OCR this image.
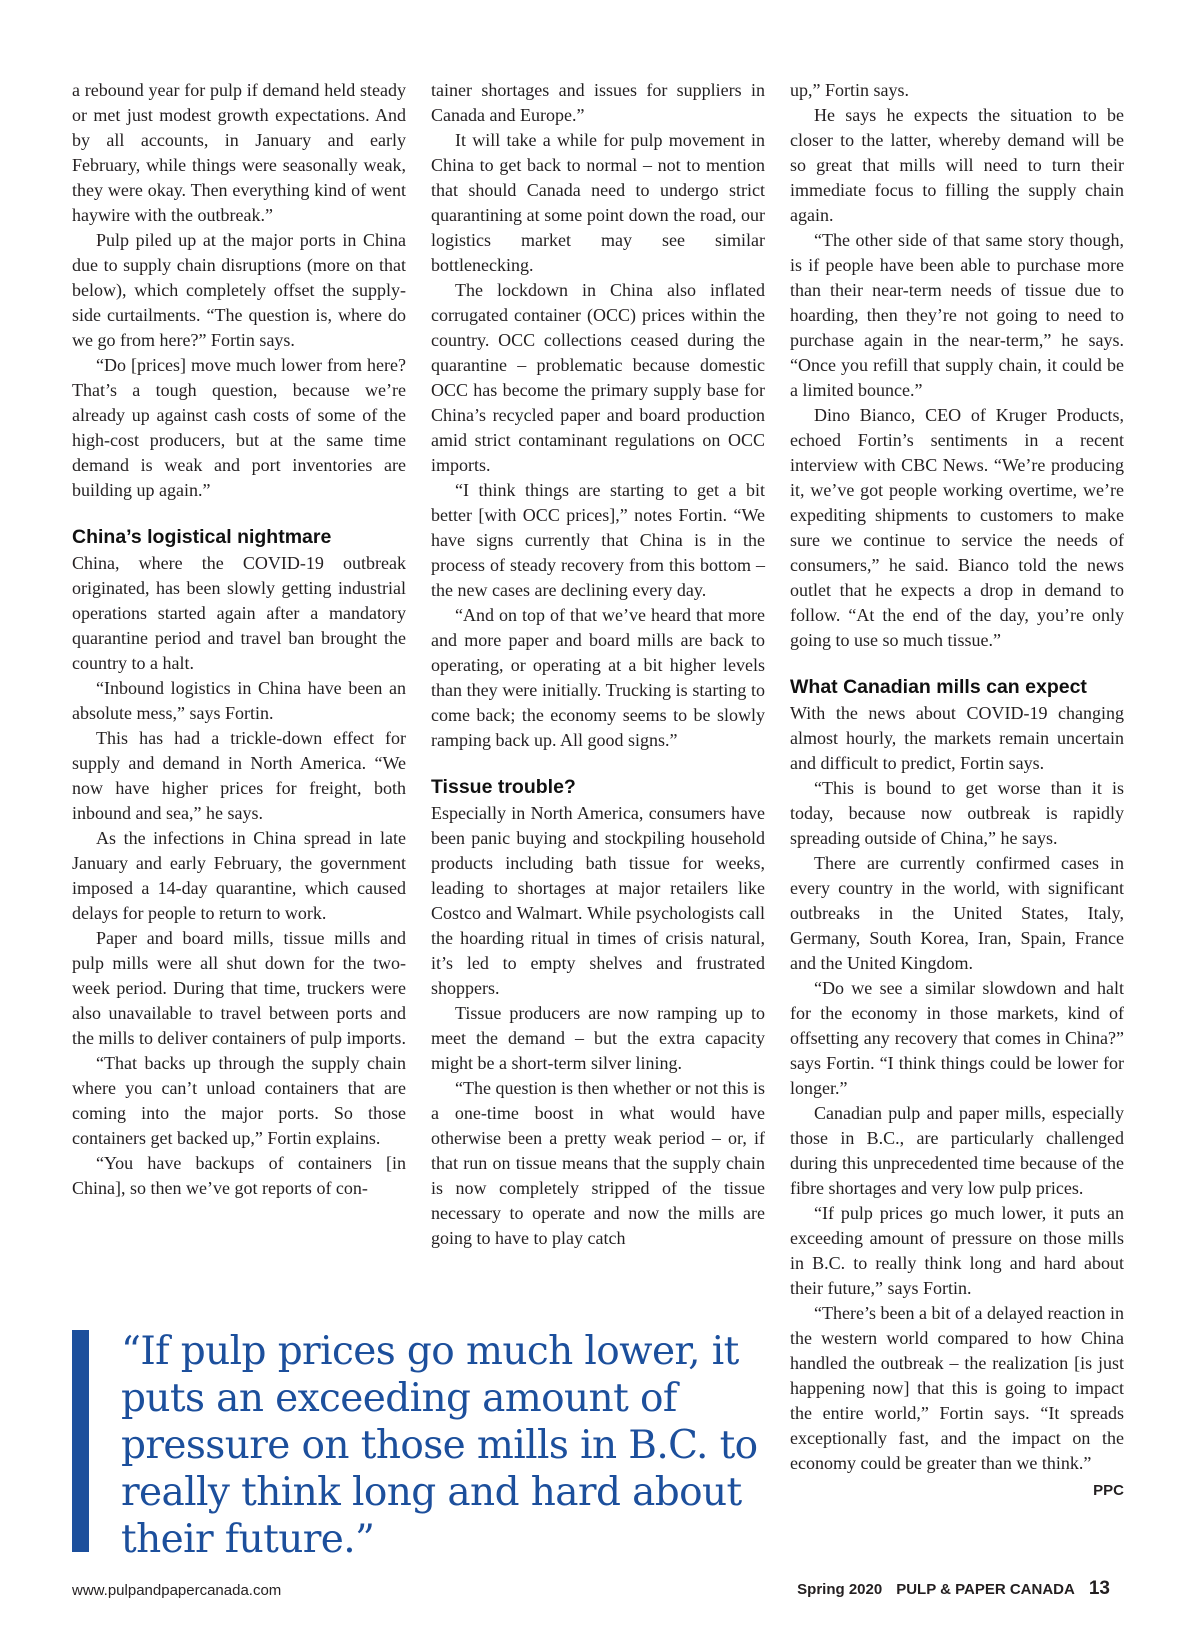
a rebound year for pulp if demand held steady or met just modest growth expectations. And by all accounts, in January and early February, while things were seasonally weak, they were okay. Then everything kind of went haywire with the outbreak.”

Pulp piled up at the major ports in China due to supply chain disruptions (more on that below), which completely offset the supply-side curtailments. “The question is, where do we go from here?” Fortin says.

“Do [prices] move much lower from here? That’s a tough question, because we’re already up against cash costs of some of the high-cost producers, but at the same time demand is weak and port inventories are building up again.”

China’s logistical nightmare

China, where the COVID-19 outbreak originated, has been slowly getting industrial operations started again after a mandatory quarantine period and travel ban brought the country to a halt.

“Inbound logistics in China have been an absolute mess,” says Fortin.

This has had a trickle-down effect for supply and demand in North America. “We now have higher prices for freight, both inbound and sea,” he says.

As the infections in China spread in late January and early February, the government imposed a 14-day quarantine, which caused delays for people to return to work.

Paper and board mills, tissue mills and pulp mills were all shut down for the two-week period. During that time, truckers were also unavailable to travel between ports and the mills to deliver containers of pulp imports.

“That backs up through the supply chain where you can’t unload containers that are coming into the major ports. So those containers get backed up,” Fortin explains.

“You have backups of containers [in China], so then we’ve got reports of con-

tainer shortages and issues for suppliers in Canada and Europe.”

It will take a while for pulp movement in China to get back to normal – not to mention that should Canada need to undergo strict quarantining at some point down the road, our logistics market may see similar bottlenecking.

The lockdown in China also inflated corrugated container (OCC) prices within the country. OCC collections ceased during the quarantine – problematic because domestic OCC has become the primary supply base for China’s recycled paper and board production amid strict contaminant regulations on OCC imports.

“I think things are starting to get a bit better [with OCC prices],” notes Fortin. “We have signs currently that China is in the process of steady recovery from this bottom – the new cases are declining every day.

“And on top of that we’ve heard that more and more paper and board mills are back to operating, or operating at a bit higher levels than they were initially. Trucking is starting to come back; the economy seems to be slowly ramping back up. All good signs.”

Tissue trouble?

Especially in North America, consumers have been panic buying and stockpiling household products including bath tissue for weeks, leading to shortages at major retailers like Costco and Walmart. While psychologists call the hoarding ritual in times of crisis natural, it’s led to empty shelves and frustrated shoppers.

Tissue producers are now ramping up to meet the demand – but the extra capacity might be a short-term silver lining.

“The question is then whether or not this is a one-time boost in what would have otherwise been a pretty weak period – or, if that run on tissue means that the supply chain is now completely stripped of the tissue necessary to operate and now the mills are going to have to play catch

up,” Fortin says.

He says he expects the situation to be closer to the latter, whereby demand will be so great that mills will need to turn their immediate focus to filling the supply chain again.

“The other side of that same story though, is if people have been able to purchase more than their near-term needs of tissue due to hoarding, then they’re not going to need to purchase again in the near-term,” he says. “Once you refill that supply chain, it could be a limited bounce.”

Dino Bianco, CEO of Kruger Products, echoed Fortin’s sentiments in a recent interview with CBC News. “We’re producing it, we’ve got people working overtime, we’re expediting shipments to customers to make sure we continue to service the needs of consumers,” he said. Bianco told the news outlet that he expects a drop in demand to follow. “At the end of the day, you’re only going to use so much tissue.”

What Canadian mills can expect

With the news about COVID-19 changing almost hourly, the markets remain uncertain and difficult to predict, Fortin says.

“This is bound to get worse than it is today, because now outbreak is rapidly spreading outside of China,” he says.

There are currently confirmed cases in every country in the world, with significant outbreaks in the United States, Italy, Germany, South Korea, Iran, Spain, France and the United Kingdom.

“Do we see a similar slowdown and halt for the economy in those markets, kind of offsetting any recovery that comes in China?” says Fortin. “I think things could be lower for longer.”

Canadian pulp and paper mills, especially those in B.C., are particularly challenged during this unprecedented time because of the fibre shortages and very low pulp prices.

“If pulp prices go much lower, it puts an exceeding amount of pressure on those mills in B.C. to really think long and hard about their future,” says Fortin.

“There’s been a bit of a delayed reaction in the western world compared to how China handled the outbreak – the realization [is just happening now] that this is going to impact the entire world,” Fortin says. “It spreads exceptionally fast, and the impact on the economy could be greater than we think.”
PPC

“If pulp prices go much lower, it puts an exceeding amount of pressure on those mills in B.C. to really think long and hard about their future.”
www.pulpandpapercanada.com	Spring 2020 PULP & PAPER CANADA 13
